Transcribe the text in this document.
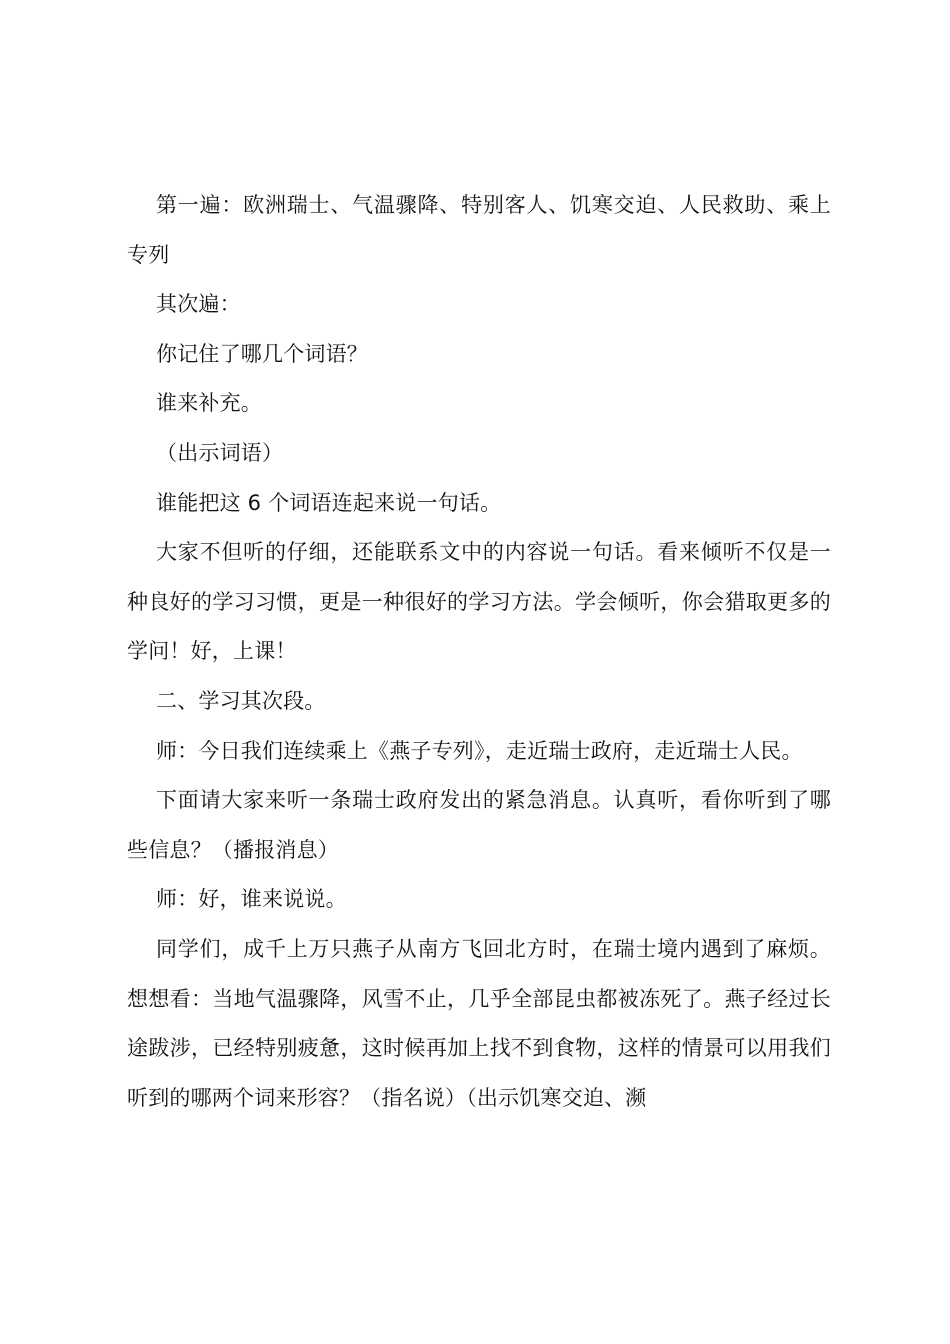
第一遍：欧洲瑞士、气温骤降、特别客人、饥寒交迫、人民救助、乘上专列

其次遍：

你记住了哪几个词语？

谁来补充。

（出示词语）

谁能把这 6 个词语连起来说一句话。

大家不但听的仔细，还能联系文中的内容说一句话。看来倾听不仅是一种良好的学习习惯，更是一种很好的学习方法。学会倾听，你会猎取更多的学问！好，上课！

二、学习其次段。

师：今日我们连续乘上《燕子专列》，走近瑞士政府，走近瑞士人民。

下面请大家来听一条瑞士政府发出的紧急消息。认真听，看你听到了哪些信息？（播报消息）

师：好，谁来说说。

同学们，成千上万只燕子从南方飞回北方时，在瑞士境内遇到了麻烦。想想看：当地气温骤降，风雪不止，几乎全部昆虫都被冻死了。燕子经过长途跋涉，已经特别疲惫，这时候再加上找不到食物，这样的情景可以用我们听到的哪两个词来形容？（指名说）（出示饥寒交迫、濒
